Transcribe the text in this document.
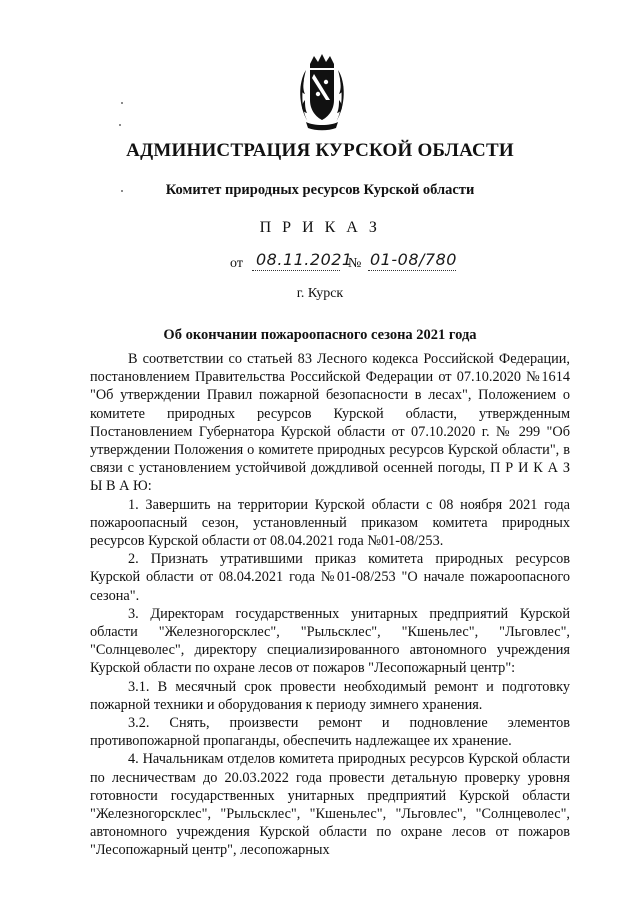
АДМИНИСТРАЦИЯ КУРСКОЙ ОБЛАСТИ
Комитет природных ресурсов Курской области
П Р И К А З
от 08.11.2021
№ 01-08/780
г. Курск
Об окончании пожароопасного сезона 2021 года

В соответствии со статьей 83 Лесного кодекса Российской Федерации, постановлением Правительства Российской Федерации от 07.10.2020 №1614 "Об утверждении Правил пожарной безопасности в лесах", Положением о комитете природных ресурсов Курской области, утвержденным Постановлением Губернатора Курской области от 07.10.2020 г. № 299 "Об утверждении Положения о комитете природных ресурсов Курской области", в связи с установлением устойчивой дождливой осенней погоды, П Р И К А З Ы В А Ю:

1. Завершить на территории Курской области с 08 ноября 2021 года пожароопасный сезон, установленный приказом комитета природных ресурсов Курской области от 08.04.2021 года №01-08/253.

2. Признать утратившими приказ комитета природных ресурсов Курской области от 08.04.2021 года №01-08/253 "О начале пожароопасного сезона".

3. Директорам государственных унитарных предприятий Курской области "Железногорсклес", "Рыльсклес", "Кшеньлес", "Льговлес", "Солнцеволес", директору специализированного автономного учреждения Курской области по охране лесов от пожаров "Лесопожарный центр":

3.1. В месячный срок провести необходимый ремонт и подготовку пожарной техники и оборудования к периоду зимнего хранения.

3.2. Снять, произвести ремонт и подновление элементов противопожарной пропаганды, обеспечить надлежащее их хранение.

4. Начальникам отделов комитета природных ресурсов Курской области по лесничествам до 20.03.2022 года провести детальную проверку уровня готовности государственных унитарных предприятий Курской области "Железногорсклес", "Рыльсклес", "Кшеньлес", "Льговлес", "Солнцеволес", автономного учреждения Курской области по охране лесов от пожаров "Лесопожарный центр", лесопожарных
